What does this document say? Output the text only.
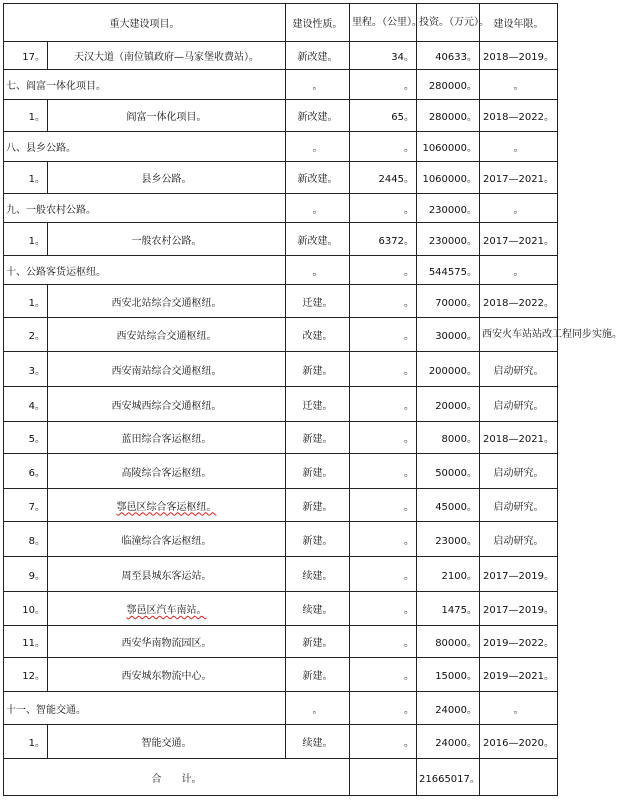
重大建设项目。		建设性质。	里程。（公里）。	投资。（万元）。	建设年限。
17。	天汉大道（南位镇政府—马家堡收费站）。	新改建。	34。	40633。	2018—2019。
七、阎富一体化项目。		。	。	280000。	。
1。	阎富一体化项目。	新改建。	65。	280000。	2018—2022。
八、县乡公路。		。	。	1060000。	。
1。	县乡公路。	新改建。	2445。	1060000。	2017—2021。
九、一般农村公路。		。	。	230000。	。
1。	一般农村公路。	新改建。	6372。	230000。	2017—2021。
十、公路客货运枢纽。		。	。	544575。	。
1。	西安北站综合交通枢纽。	迁建。	。	70000。	2018—2022。
2。	西安站综合交通枢纽。	改建。	。	30000。	西安火车站站改工程同步实施。
3。	西安南站综合交通枢纽。	新建。	。	200000。	启动研究。
4。	西安城西综合交通枢纽。	迁建。	。	20000。	启动研究。
5。	蓝田综合客运枢纽。	新建。	。	8000。	2018—2021。
6。	高陵综合客运枢纽。	新建。	。	50000。	启动研究。
7。	鄠邑区综合客运枢纽。	新建。	。	45000。	启动研究。
8。	临潼综合客运枢纽。	新建。	。	23000。	启动研究。
9。	周至县城东客运站。	续建。	。	2100。	2017—2019。
10。	鄠邑区汽车南站。	续建。	。	1475。	2017—2019。
11。	西安华南物流园区。	新建。	。	80000。	2019—2022。
12。	西安城东物流中心。	新建。	。	15000。	2019—2021。
十一、智能交通。		。	。	24000。	。
1。	智能交通。	续建。	。	24000。	2016—2020。
合　　计。				21665017。	
